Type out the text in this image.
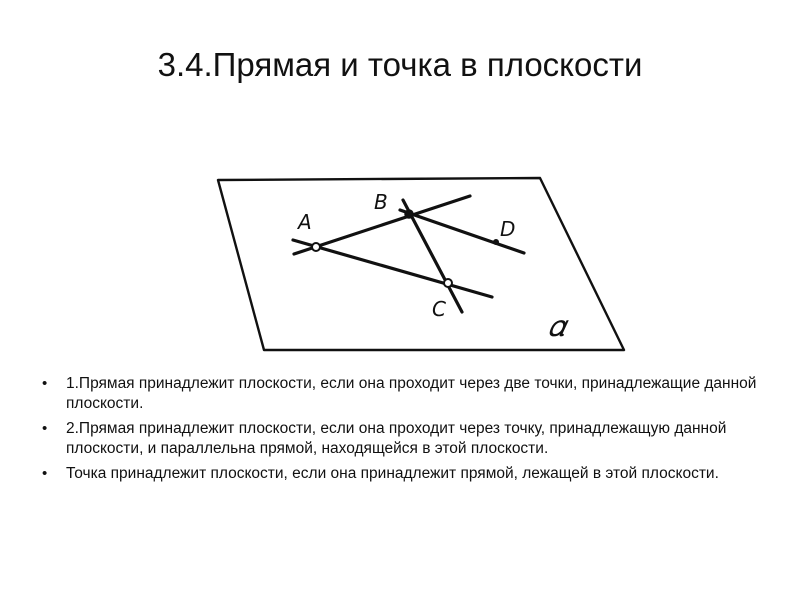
3.4.Прямая и точка в плоскости
A
B
D
C	𝛼
• 1.Прямая принадлежит плоскости, если она проходит через две точки, принадлежащие данной плоскости.
• 2.Прямая принадлежит плоскости, если она проходит через точку, принадлежащую данной плоскости, и параллельна прямой, находящейся в этой плоскости.
• Точка принадлежит плоскости, если она принадлежит прямой, лежащей в этой плоскости.
